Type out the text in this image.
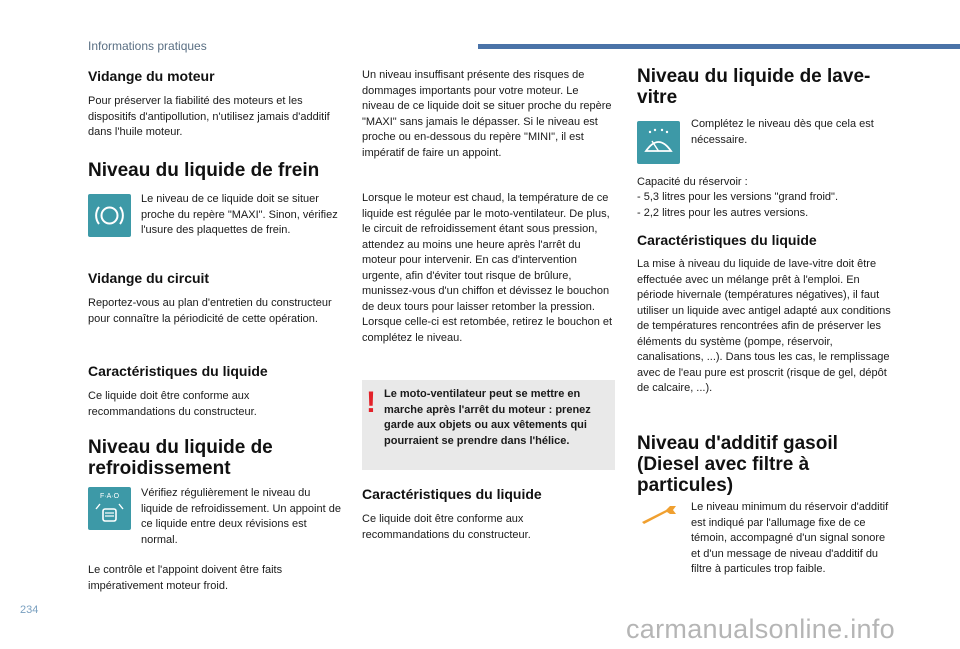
Informations pratiques
Vidange du moteur

Pour préserver la fiabilité des moteurs et les dispositifs d'antipollution, n'utilisez jamais d'additif dans l'huile moteur.

Niveau du liquide de frein

Le niveau de ce liquide doit se situer proche du repère "MAXI". Sinon, vérifiez l'usure des plaquettes de frein.

Vidange du circuit

Reportez-vous au plan d'entretien du constructeur pour connaître la périodicité de cette opération.

Caractéristiques du liquide

Ce liquide doit être conforme aux recommandations du constructeur.

Niveau du liquide de
refroidissement
F·A·O Vérifiez régulièrement le niveau du liquide de refroidissement. Un appoint de ce liquide entre deux révisions est normal.

Le contrôle et l'appoint doivent être faits impérativement moteur froid.

Un niveau insuffisant présente des risques de dommages importants pour votre moteur. Le niveau de ce liquide doit se situer proche du repère "MAXI" sans jamais le dépasser. Si le niveau est proche ou en-dessous du repère "MINI", il est impératif de faire un appoint.

Lorsque le moteur est chaud, la température de ce liquide est régulée par le moto-ventilateur. De plus, le circuit de refroidissement étant sous pression, attendez au moins une heure après l'arrêt du moteur pour intervenir. En cas d'intervention urgente, afin d'éviter tout risque de brûlure, munissez-vous d'un chiffon et dévissez le bouchon de deux tours pour laisser retomber la pression. Lorsque celle-ci est retombée, retirez le bouchon et complétez le niveau.

! Le moto-ventilateur peut se mettre en marche après l'arrêt du moteur : prenez garde aux objets ou aux vêtements qui pourraient se prendre dans l'hélice.

Caractéristiques du liquide

Ce liquide doit être conforme aux recommandations du constructeur.

Niveau du liquide de lave-
vitre

Complétez le niveau dès que cela est nécessaire.

Capacité du réservoir :

- 5,3 litres pour les versions "grand froid".
- 2,2 litres pour les autres versions.
Caractéristiques du liquide

La mise à niveau du liquide de lave-vitre doit être effectuée avec un mélange prêt à l'emploi. En période hivernale (températures négatives), il faut utiliser un liquide avec antigel adapté aux conditions de températures rencontrées afin de préserver les éléments du système (pompe, réservoir, canalisations, ...). Dans tous les cas, le remplissage avec de l'eau pure est proscrit (risque de gel, dépôt de calcaire, ...).

Niveau d'additif gasoil
(Diesel avec filtre à
particules)

Le niveau minimum du réservoir d'additif est indiqué par l'allumage fixe de ce témoin, accompagné d'un signal sonore et d'un message de niveau d'additif du filtre à particules trop faible.

234
carmanualsonline.info
